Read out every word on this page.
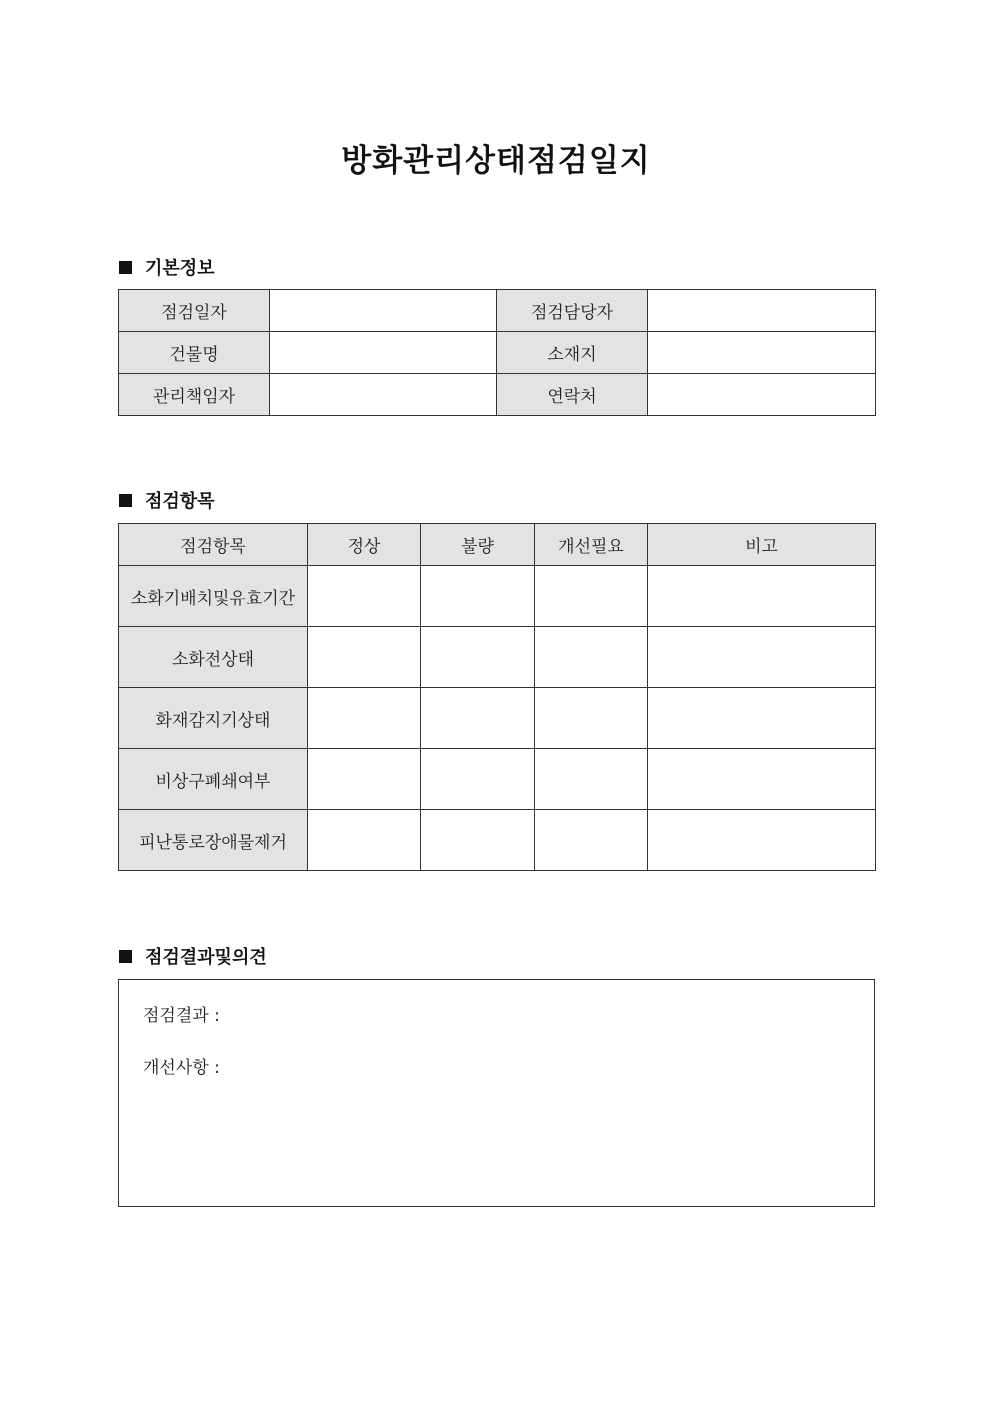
방화관리상태점검일지
기본정보
점검일자		점검담당자	
건물명		소재지	
관리책임자		연락처	
점검항목
점검항목	정상	불량	개선필요	비고
소화기배치및유효기간				
소화전상태				
화재감지기상태				
비상구폐쇄여부				
피난통로장애물제거				
점검결과및의견
점검결과 :
개선사항 :
